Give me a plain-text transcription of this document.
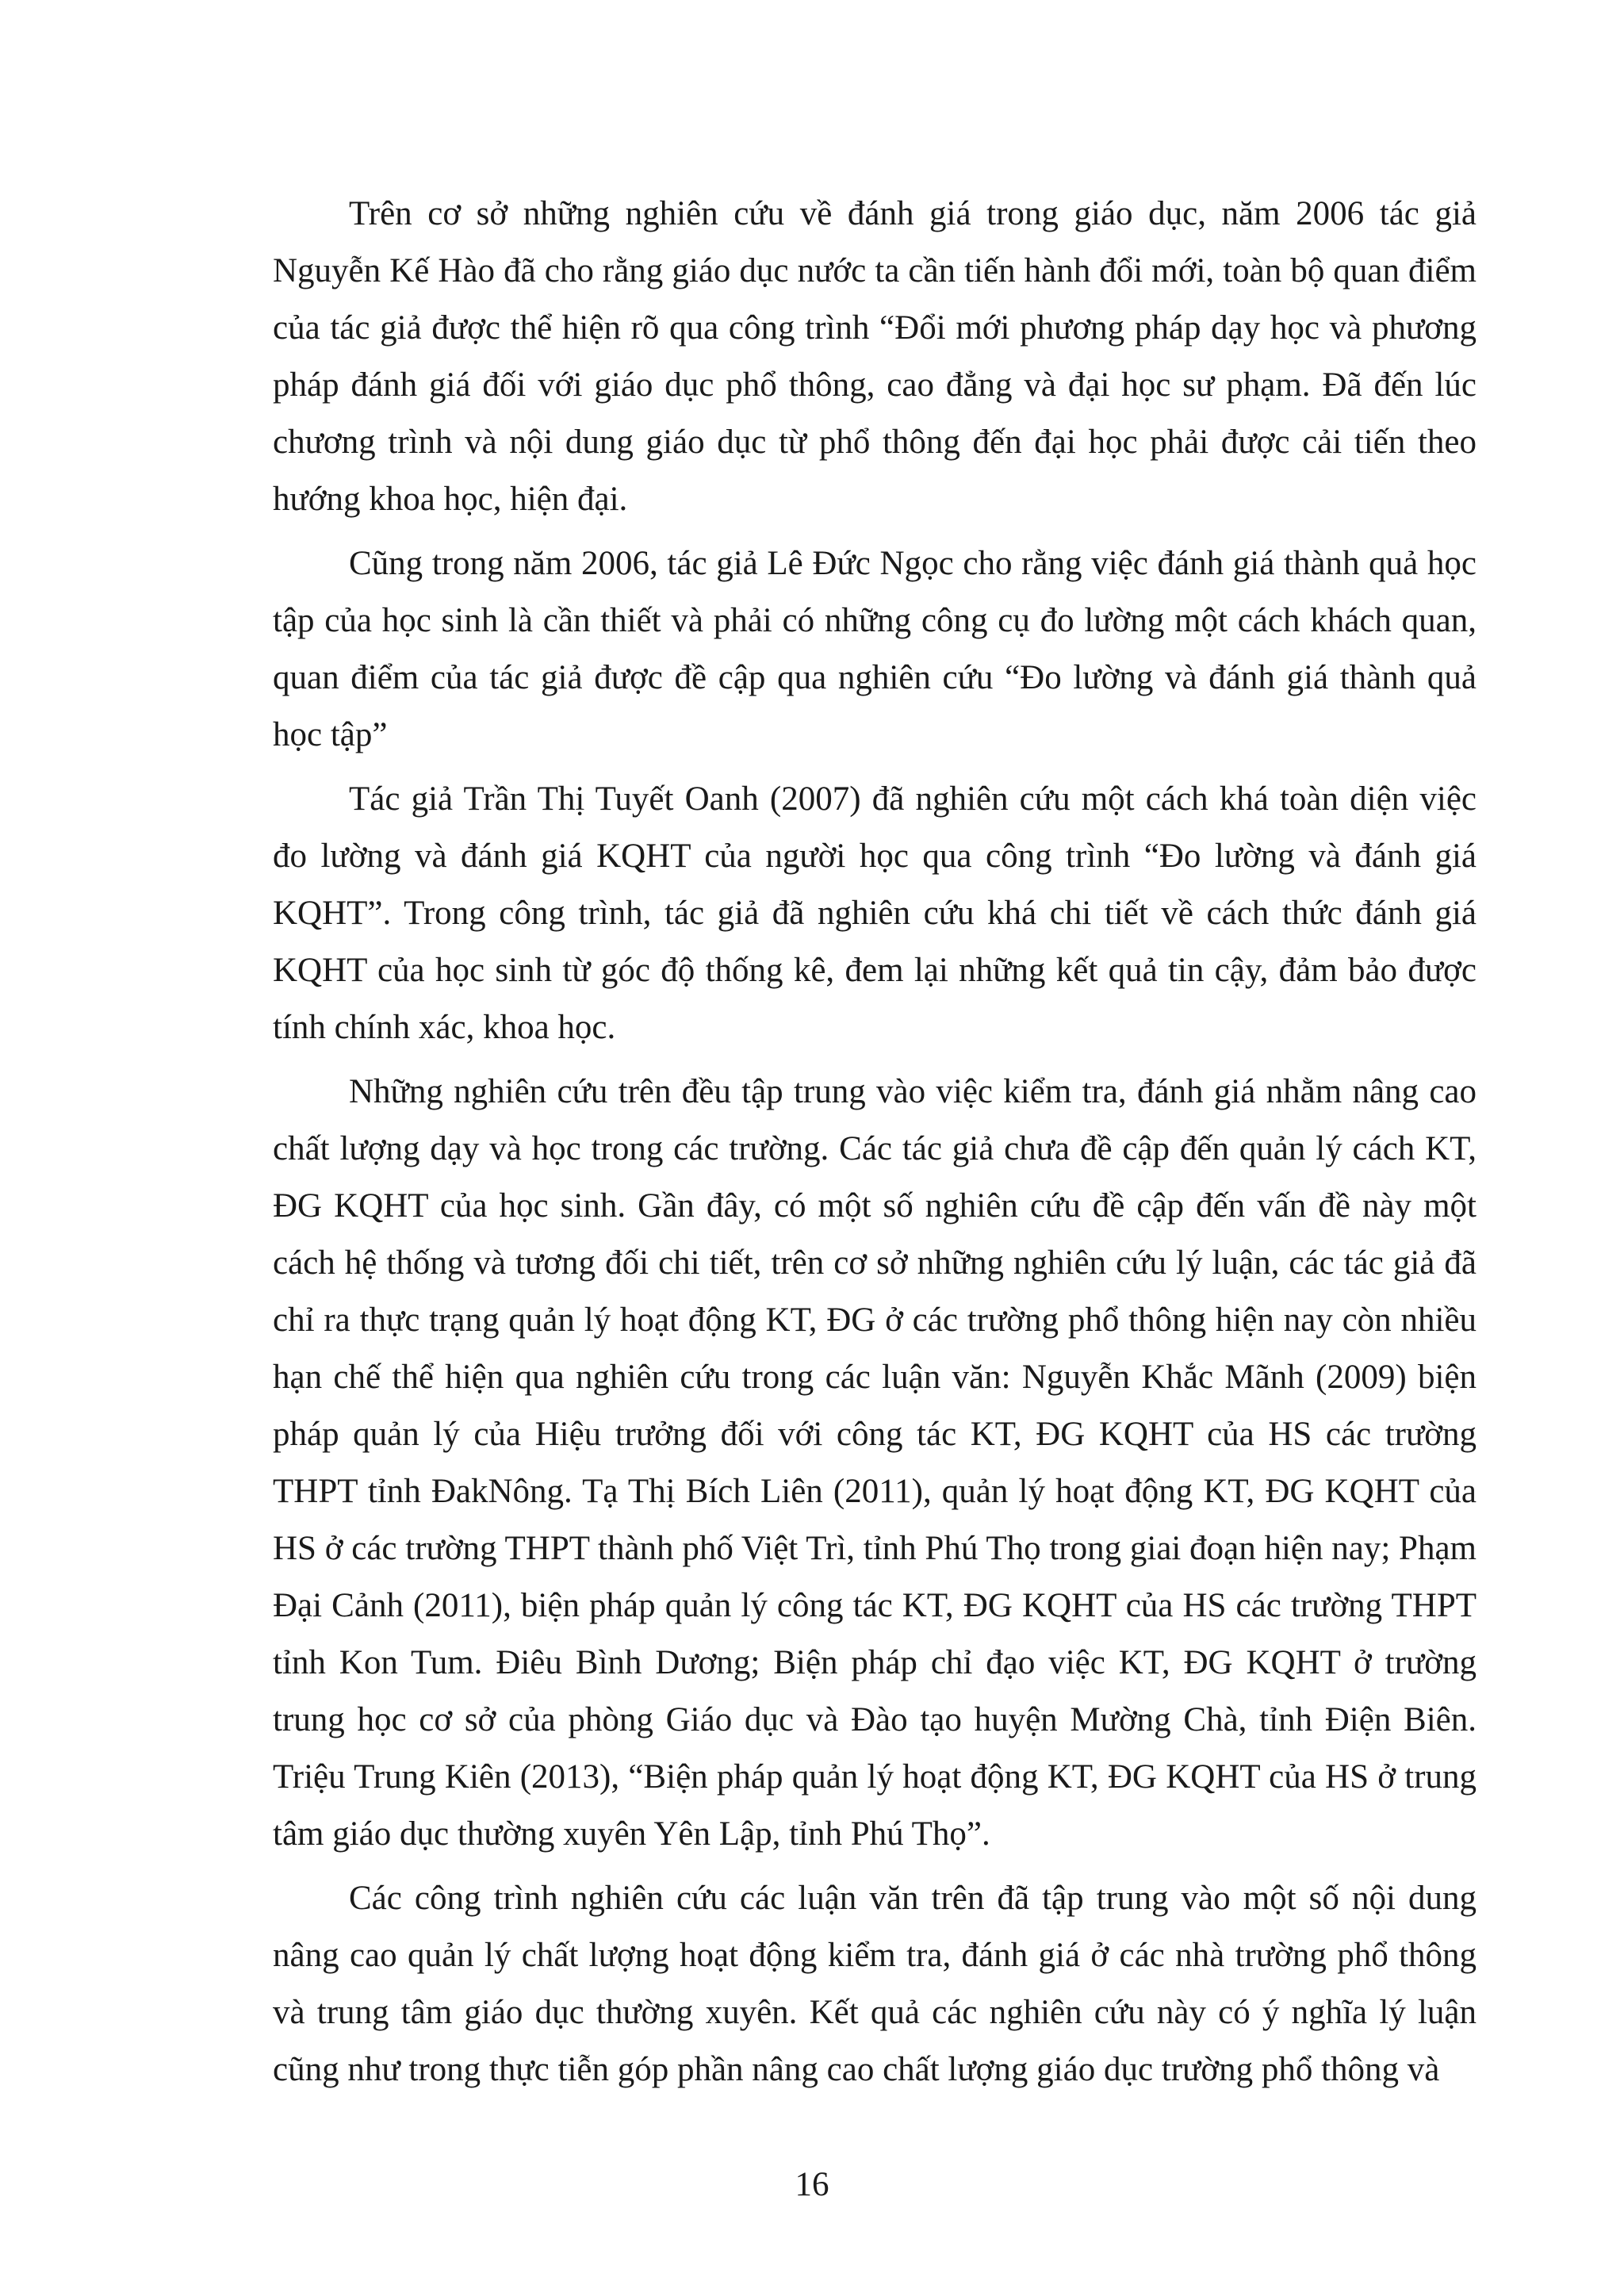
Trên cơ sở những nghiên cứu về đánh giá trong giáo dục, năm 2006 tác giả Nguyễn Kế Hào đã cho rằng giáo dục nước ta cần tiến hành đổi mới, toàn bộ quan điểm của tác giả được thể hiện rõ qua công trình “Đổi mới phương pháp dạy học và phương pháp đánh giá đối với giáo dục phổ thông, cao đẳng và đại học sư phạm. Đã đến lúc chương trình và nội dung giáo dục từ phổ thông đến đại học phải được cải tiến theo hướng khoa học, hiện đại.

Cũng trong năm 2006, tác giả Lê Đức Ngọc cho rằng việc đánh giá thành quả học tập của học sinh là cần thiết và phải có những công cụ đo lường một cách khách quan, quan điểm của tác giả được đề cập qua nghiên cứu “Đo lường và đánh giá thành quả học tập”

Tác giả Trần Thị Tuyết Oanh (2007) đã nghiên cứu một cách khá toàn diện việc đo lường và đánh giá KQHT của người học qua công trình “Đo lường và đánh giá KQHT”. Trong công trình, tác giả đã nghiên cứu khá chi tiết về cách thức đánh giá KQHT của học sinh từ góc độ thống kê, đem lại những kết quả tin cậy, đảm bảo được tính chính xác, khoa học.

Những nghiên cứu trên đều tập trung vào việc kiểm tra, đánh giá nhằm nâng cao chất lượng dạy và học trong các trường. Các tác giả chưa đề cập đến quản lý cách KT, ĐG KQHT của học sinh. Gần đây, có một số nghiên cứu đề cập đến vấn đề này một cách hệ thống và tương đối chi tiết, trên cơ sở những nghiên cứu lý luận, các tác giả đã chỉ ra thực trạng quản lý hoạt động KT, ĐG ở các trường phổ thông hiện nay còn nhiều hạn chế thể hiện qua nghiên cứu trong các luận văn: Nguyễn Khắc Mãnh (2009) biện pháp quản lý của Hiệu trưởng đối với công tác KT, ĐG KQHT của HS các trường THPT tỉnh ĐakNông. Tạ Thị Bích Liên (2011), quản lý hoạt động KT, ĐG KQHT của HS ở các trường THPT thành phố Việt Trì, tỉnh Phú Thọ trong giai đoạn hiện nay; Phạm Đại Cảnh (2011), biện pháp quản lý công tác KT, ĐG KQHT của HS các trường THPT tỉnh Kon Tum. Điêu Bình Dương; Biện pháp chỉ đạo việc KT, ĐG KQHT ở trường trung học cơ sở của phòng Giáo dục và Đào tạo huyện Mường Chà, tỉnh Điện Biên. Triệu Trung Kiên (2013), “Biện pháp quản lý hoạt động KT, ĐG KQHT của HS ở trung tâm giáo dục thường xuyên Yên Lập, tỉnh Phú Thọ”.

Các công trình nghiên cứu các luận văn trên đã tập trung vào một số nội dung nâng cao quản lý chất lượng hoạt động kiểm tra, đánh giá ở các nhà trường phổ thông và trung tâm giáo dục thường xuyên. Kết quả các nghiên cứu này có ý nghĩa lý luận cũng như trong thực tiễn góp phần nâng cao chất lượng giáo dục trường phổ thông và

16
